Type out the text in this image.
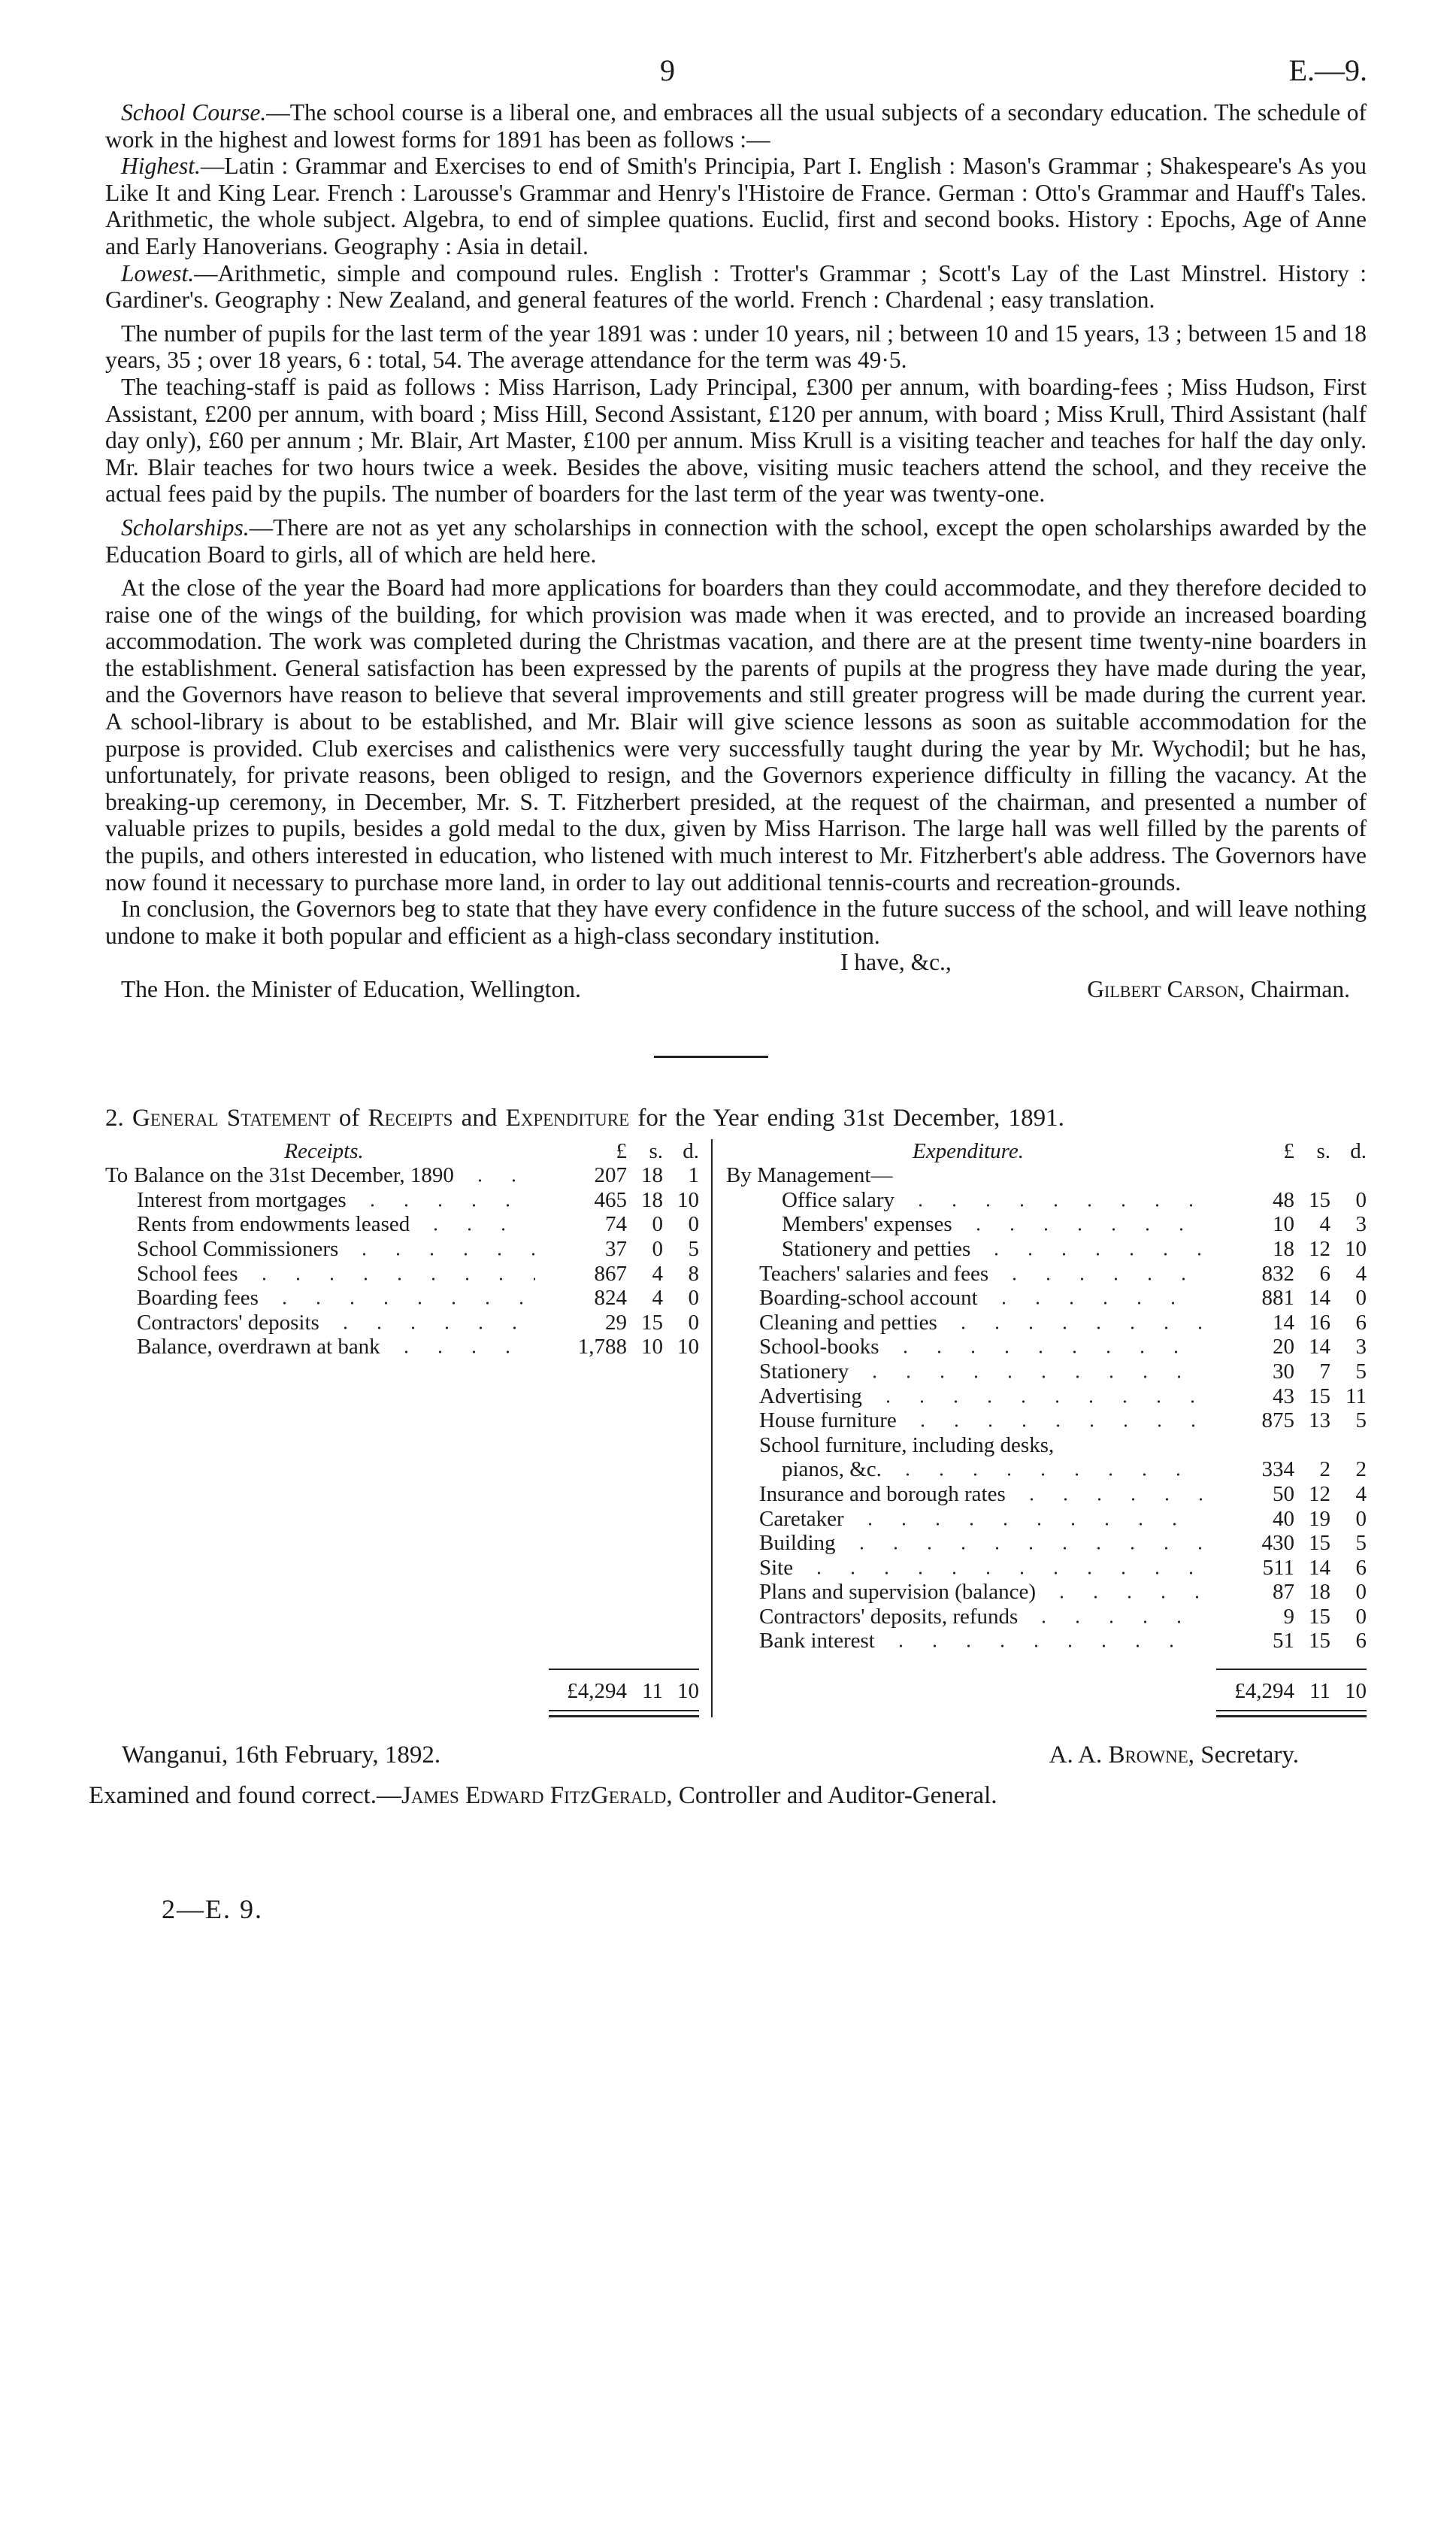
9	E.—9.

School Course.—The school course is a liberal one, and embraces all the usual subjects of a secondary education. The schedule of work in the highest and lowest forms for 1891 has been as follows :—

Highest.—Latin : Grammar and Exercises to end of Smith's Principia, Part I. English : Mason's Grammar ; Shakespeare's As you Like It and King Lear. French : Larousse's Grammar and Henry's l'Histoire de France. German : Otto's Grammar and Hauff's Tales. Arithmetic, the whole subject. Algebra, to end of simplee quations. Euclid, first and second books. History : Epochs, Age of Anne and Early Hanoverians. Geography : Asia in detail.

Lowest.—Arithmetic, simple and compound rules. English : Trotter's Grammar ; Scott's Lay of the Last Minstrel. History : Gardiner's. Geography : New Zealand, and general features of the world. French : Chardenal ; easy translation.

The number of pupils for the last term of the year 1891 was : under 10 years, nil ; between 10 and 15 years, 13 ; between 15 and 18 years, 35 ; over 18 years, 6 : total, 54. The average attendance for the term was 49·5.

The teaching-staff is paid as follows : Miss Harrison, Lady Principal, £300 per annum, with boarding-fees ; Miss Hudson, First Assistant, £200 per annum, with board ; Miss Hill, Second Assistant, £120 per annum, with board ; Miss Krull, Third Assistant (half day only), £60 per annum ; Mr. Blair, Art Master, £100 per annum. Miss Krull is a visiting teacher and teaches for half the day only. Mr. Blair teaches for two hours twice a week. Besides the above, visiting music teachers attend the school, and they receive the actual fees paid by the pupils. The number of boarders for the last term of the year was twenty-one.

Scholarships.—There are not as yet any scholarships in connection with the school, except the open scholarships awarded by the Education Board to girls, all of which are held here.

At the close of the year the Board had more applications for boarders than they could accommodate, and they therefore decided to raise one of the wings of the building, for which provision was made when it was erected, and to provide an increased boarding accommodation. The work was completed during the Christmas vacation, and there are at the present time twenty-nine boarders in the establishment. General satisfaction has been expressed by the parents of pupils at the progress they have made during the year, and the Governors have reason to believe that several improvements and still greater progress will be made during the current year. A school-library is about to be established, and Mr. Blair will give science lessons as soon as suitable accommodation for the purpose is provided. Club exercises and calisthenics were very successfully taught during the year by Mr. Wychodil; but he has, unfortunately, for private reasons, been obliged to resign, and the Governors experience difficulty in filling the vacancy. At the breaking-up ceremony, in December, Mr. S. T. Fitzherbert presided, at the request of the chairman, and presented a number of valuable prizes to pupils, besides a gold medal to the dux, given by Miss Harrison. The large hall was well filled by the parents of the pupils, and others interested in education, who listened with much interest to Mr. Fitzherbert's able address. The Governors have now found it necessary to purchase more land, in order to lay out additional tennis-courts and recreation-grounds.

In conclusion, the Governors beg to state that they have every confidence in the future success of the school, and will leave nothing undone to make it both popular and efficient as a high-class secondary institution.

I have, &c.,

The Hon. the Minister of Education, Wellington.	Gilbert Carson, Chairman.
2. General Statement of Receipts and Expenditure for the Year ending 31st December, 1891.
Receipts.	£	s. d.
To Balance on the 31st December, 1890	207 18	1
Interest from mortgages	465 18 10
Rents from endowments leased	74	0	0
School Commissioners	37	0	5
School fees	867	4	8
Boarding fees	824	4	0
Contractors' deposits	29 15	0
Balance, overdrawn at bank	1,788 10 10
£4,294 11 10
Expenditure.	£	s. d.
By Management—
Office salary	48 15	0
Members' expenses	10	4	3
Stationery and petties	18 12 10
Teachers' salaries and fees	832	6	4
Boarding-school account	881 14	0
Cleaning and petties	14 16	6
School-books	20 14	3
Stationery	30	7	5
Advertising	43 15 11
House furniture	875 13	5
School furniture, including desks,
pianos, &c.	334	2	2
Insurance and borough rates	50 12	4
Caretaker	40 19	0
Building	430 15	5
Site	511 14	6
Plans and supervision (balance)	87 18	0
Contractors' deposits, refunds	9 15	0
Bank interest	51 15	6
£4,294 11 10
Wanganui, 16th February, 1892.	A. A. Browne, Secretary.
Examined and found correct.—James Edward FitzGerald, Controller and Auditor-General.
2—E. 9.
